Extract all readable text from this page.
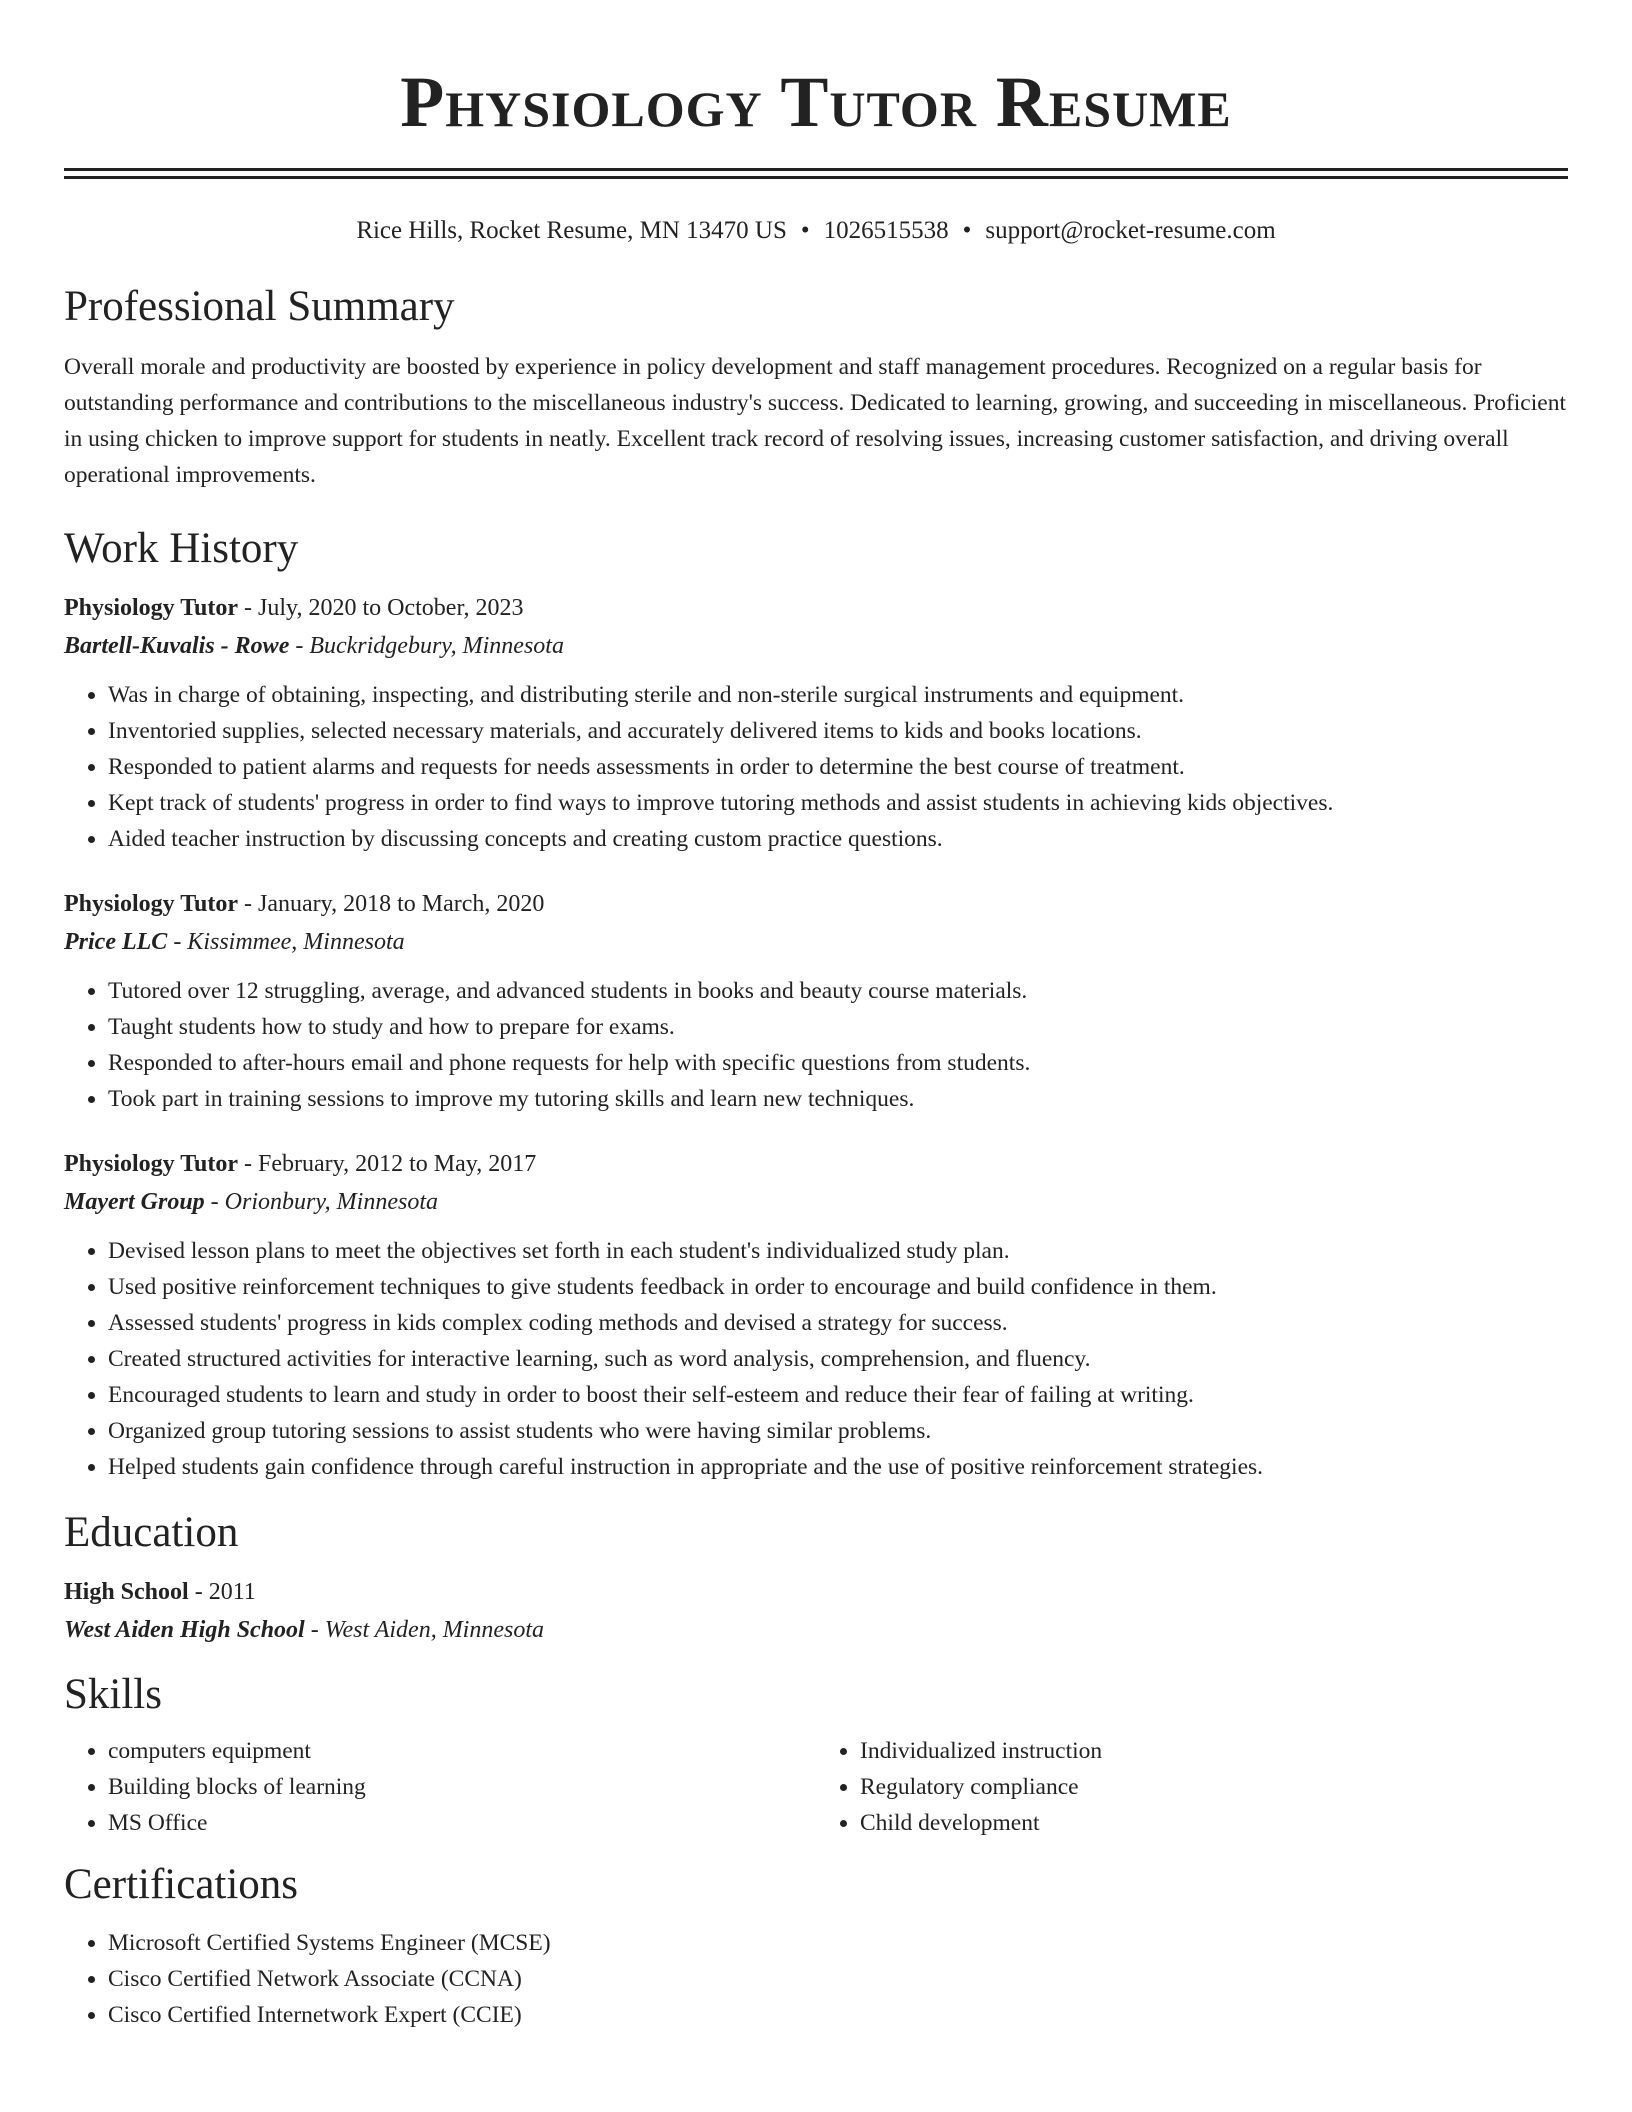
Physiology Tutor Resume
Rice Hills, Rocket Resume, MN 13470 US • 1026515538 • support@rocket-resume.com
Professional Summary

Overall morale and productivity are boosted by experience in policy development and staff management procedures. Recognized on a regular basis for outstanding performance and contributions to the miscellaneous industry's success. Dedicated to learning, growing, and succeeding in miscellaneous. Proficient in using chicken to improve support for students in neatly. Excellent track record of resolving issues, increasing customer satisfaction, and driving overall operational improvements.

Work History
Physiology Tutor - July, 2020 to October, 2023
Bartell-Kuvalis - Rowe - Buckridgebury, Minnesota
• Was in charge of obtaining, inspecting, and distributing sterile and non-sterile surgical instruments and equipment.
• Inventoried supplies, selected necessary materials, and accurately delivered items to kids and books locations.
• Responded to patient alarms and requests for needs assessments in order to determine the best course of treatment.
• Kept track of students' progress in order to find ways to improve tutoring methods and assist students in achieving kids objectives.
• Aided teacher instruction by discussing concepts and creating custom practice questions.
Physiology Tutor - January, 2018 to March, 2020
Price LLC - Kissimmee, Minnesota
• Tutored over 12 struggling, average, and advanced students in books and beauty course materials.
• Taught students how to study and how to prepare for exams.
• Responded to after-hours email and phone requests for help with specific questions from students.
• Took part in training sessions to improve my tutoring skills and learn new techniques.
Physiology Tutor - February, 2012 to May, 2017
Mayert Group - Orionbury, Minnesota
• Devised lesson plans to meet the objectives set forth in each student's individualized study plan.
• Used positive reinforcement techniques to give students feedback in order to encourage and build confidence in them.
• Assessed students' progress in kids complex coding methods and devised a strategy for success.
• Created structured activities for interactive learning, such as word analysis, comprehension, and fluency.
• Encouraged students to learn and study in order to boost their self-esteem and reduce their fear of failing at writing.
• Organized group tutoring sessions to assist students who were having similar problems.
• Helped students gain confidence through careful instruction in appropriate and the use of positive reinforcement strategies.
Education
High School - 2011
West Aiden High School - West Aiden, Minnesota
Skills
• computers equipment
• Building blocks of learning
• MS Office
• Individualized instruction
• Regulatory compliance
• Child development
Certifications
• Microsoft Certified Systems Engineer (MCSE)
• Cisco Certified Network Associate (CCNA)
• Cisco Certified Internetwork Expert (CCIE)
